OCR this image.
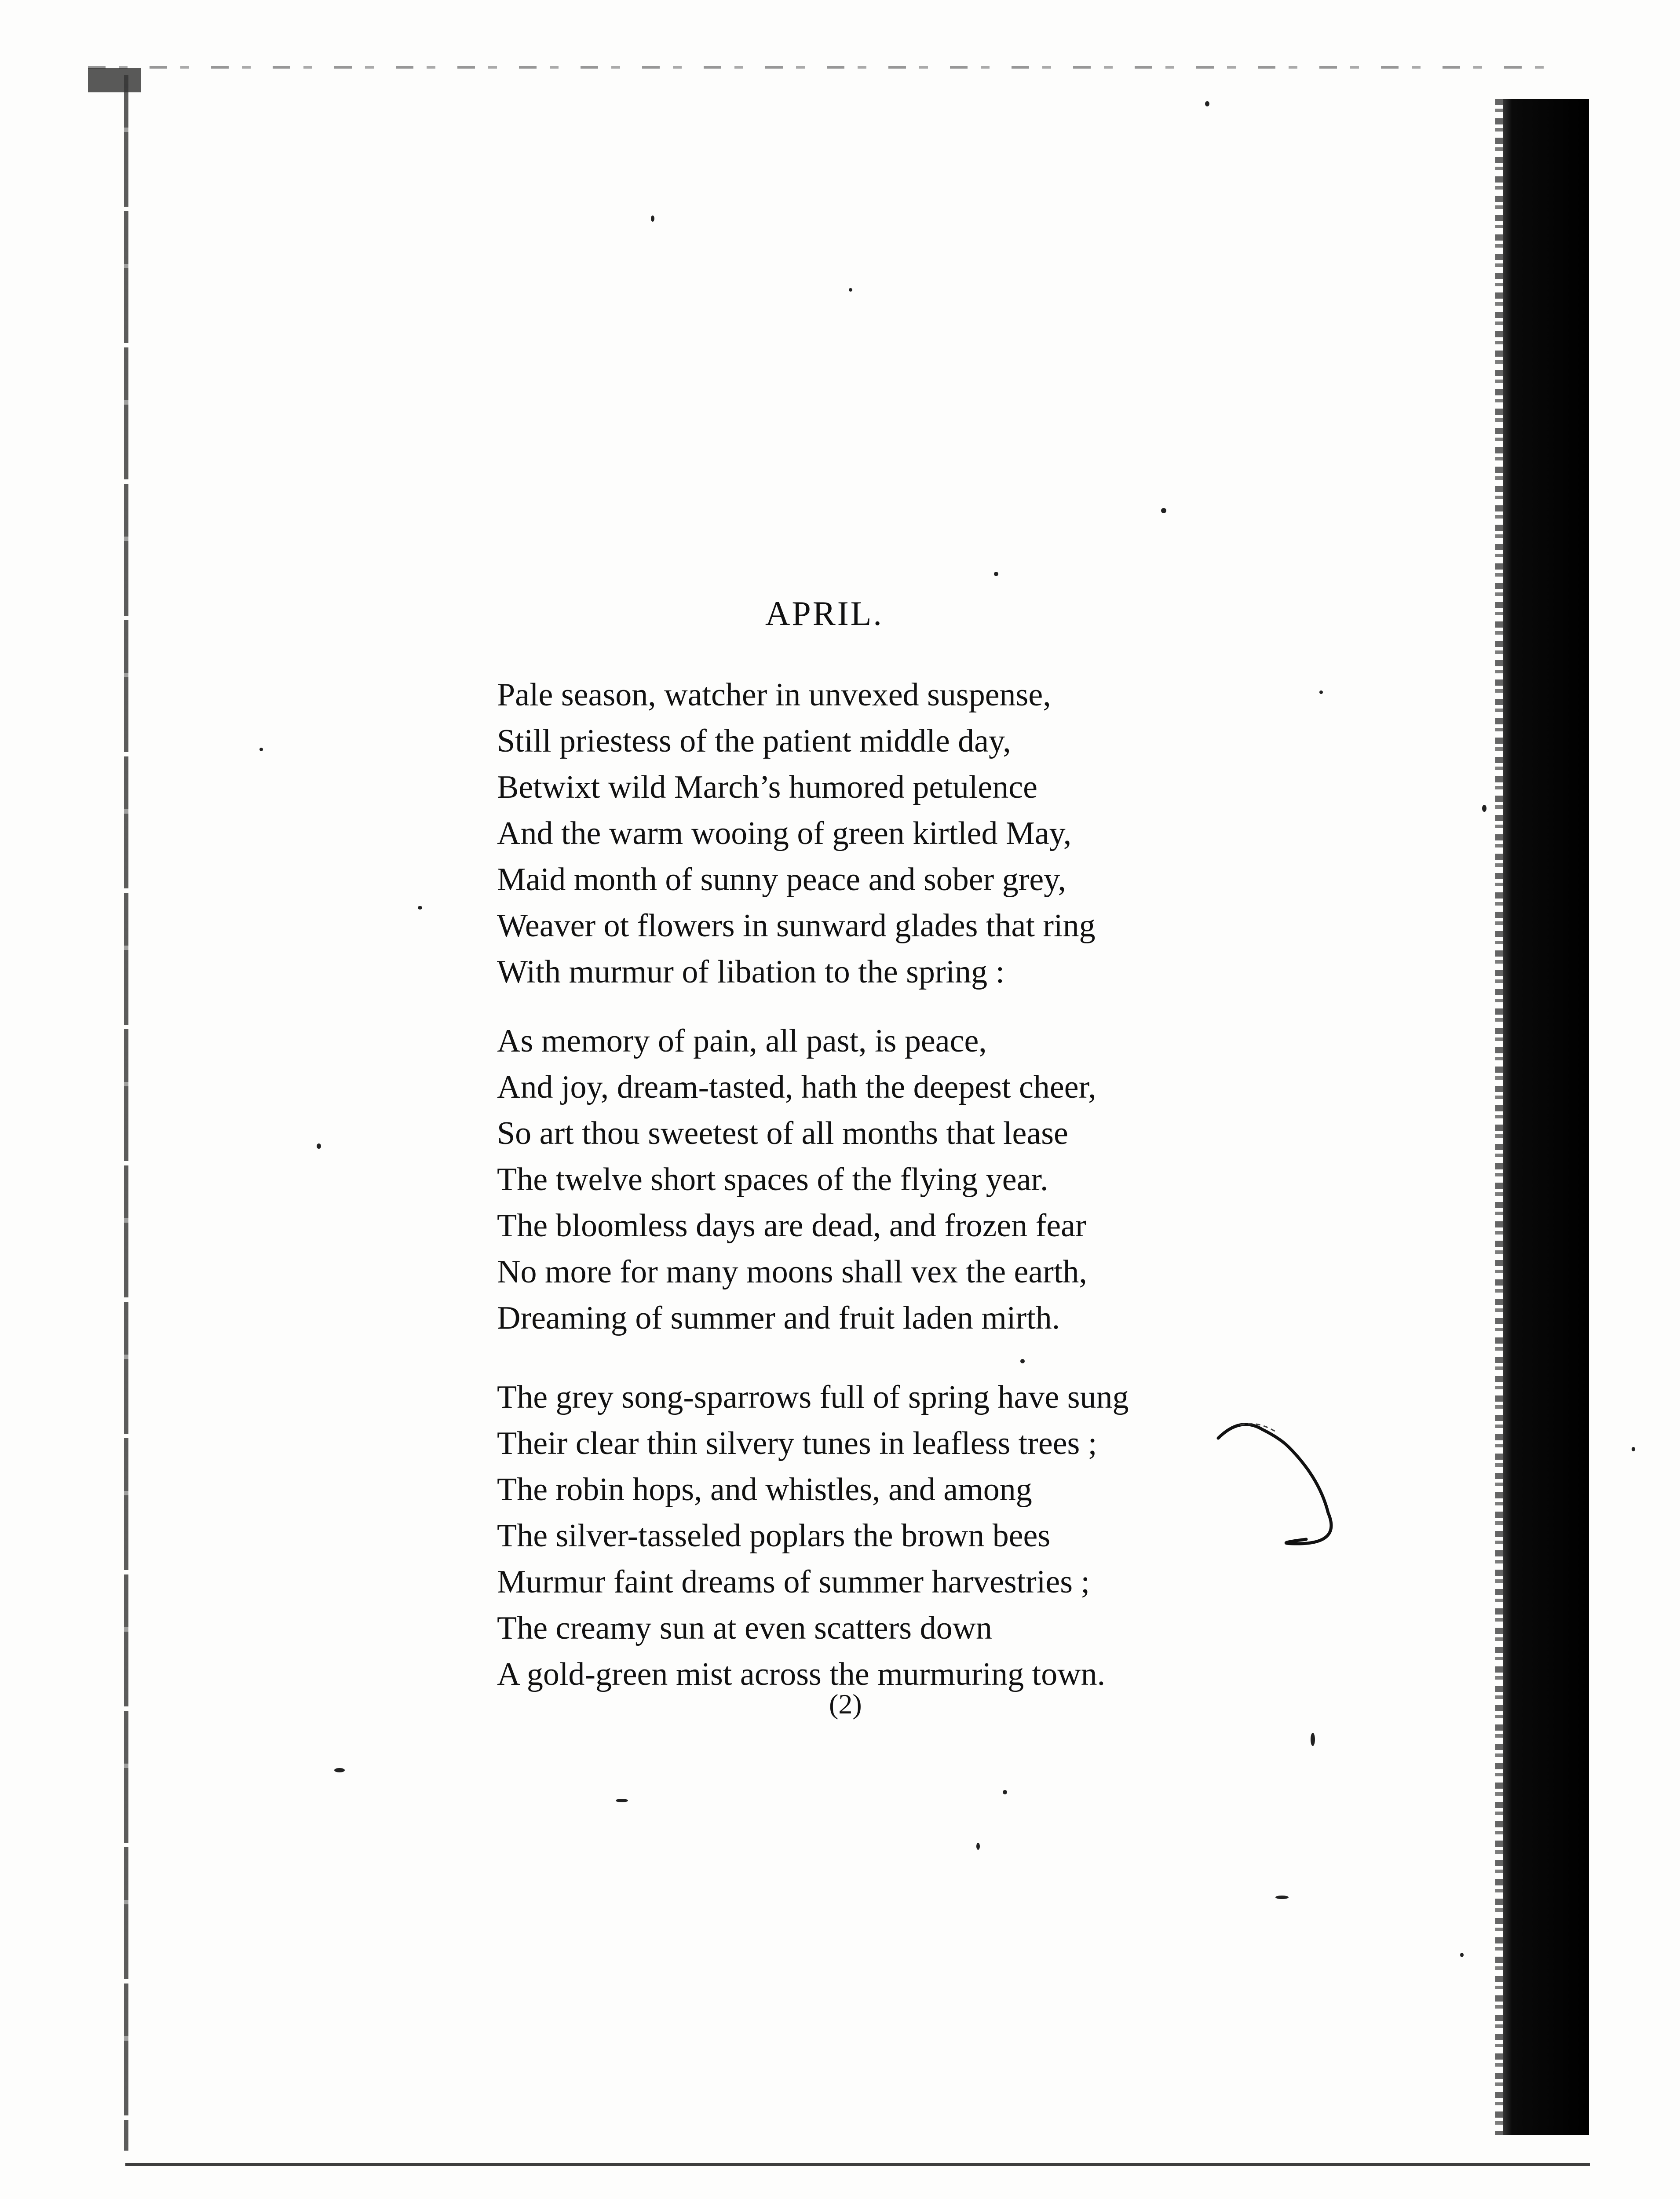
APRIL.
Pale season, watcher in unvexed suspense,
Still priestess of the patient middle day,
Betwixt wild March’s humored petulence
And the warm wooing of green kirtled May,
Maid month of sunny peace and sober grey,
Weaver ot flowers in sunward glades that ring
With murmur of libation to the spring :
As memory of pain, all past, is peace,
And joy, dream-tasted, hath the deepest cheer,
So art thou sweetest of all months that lease
The twelve short spaces of the flying year.
The bloomless days are dead, and frozen fear
No more for many moons shall vex the earth,
Dreaming of summer and fruit laden mirth.
The grey song-sparrows full of spring have sung
Their clear thin silvery tunes in leafless trees ;
The robin hops, and whistles, and among
The silver-tasseled poplars the brown bees
Murmur faint dreams of summer harvestries ;
The creamy sun at even scatters down
A gold-green mist across the murmuring town.
(2)
